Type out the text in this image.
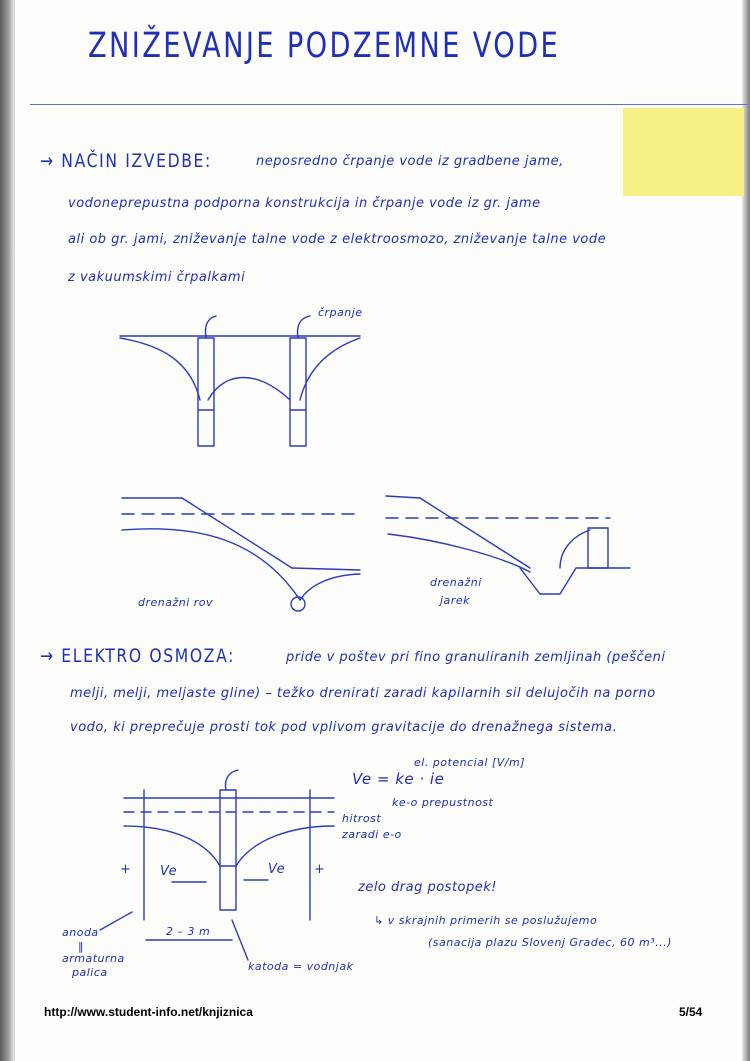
ZNIŽEVANJE PODZEMNE VODE
→ NAČIN IZVEDBE:	neposredno črpanje vode iz gradbene jame,
vodoneprepustna podporna konstrukcija in črpanje vode iz gr. jame
ali ob gr. jami, zniževanje talne vode z elektroosmozo, zniževanje talne vode
z vakuumskimi črpalkami
črpanje
drenažni rov
drenažni
jarek
→ ELEKTRO OSMOZA:	pride v poštev pri fino granuliranih zemljinah (peščeni
melji, melji, meljaste gline) – težko drenirati zaradi kapilarnih sil delujočih na porno
vodo, ki preprečuje prosti tok pod vplivom gravitacije do drenažnega sistema.
Ve = ke · ie
el. potencial [V/m]
ke-o prepustnost
hitrost
zaradi e-o
+	+
Ve	Ve
2 – 3 m
anoda
‖
armaturna
palica	katoda = vodnjak
zelo drag postopek!
↳ v skrajnih primerih se poslužujemo
(sanacija plazu Slovenj Gradec, 60 m³...)
http://www.student-info.net/knjiznica	5/54
